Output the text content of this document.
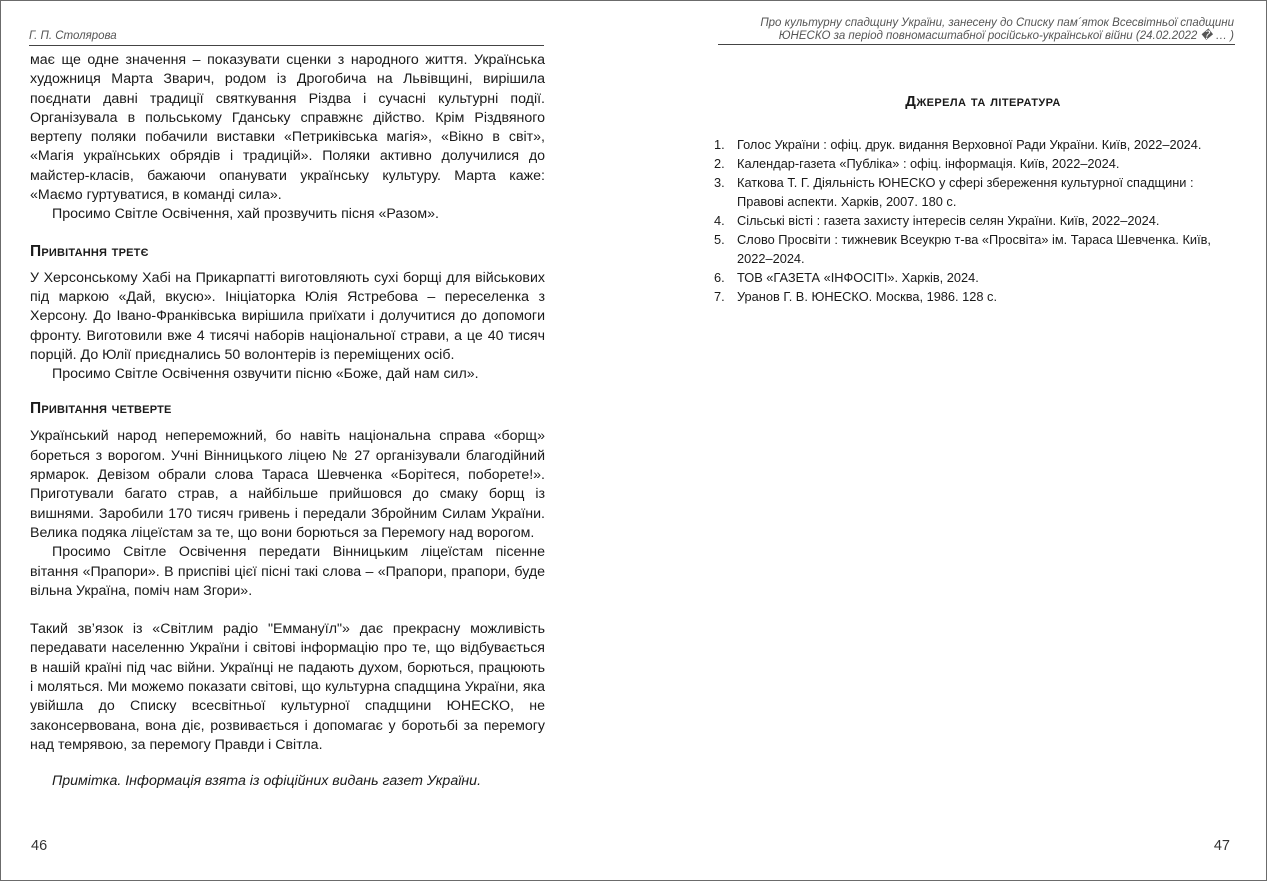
Г. П. Столярова

має ще одне значення – показувати сценки з народного життя. Українська художниця Марта Зварич, родом із Дрогобича на Львівщині, вирішила поєднати давні традиції святкування Різдва і сучасні культурні події. Організувала в польському Гданську справжнє дійство. Крім Різдвяного вертепу поляки побачили виставки «Петриківська магія», «Вікно в світ», «Магія українських обрядів і традицій». Поляки активно долучилися до майстер-класів, бажаючи опанувати українську культуру. Марта каже: «Маємо гуртуватися, в команді сила».

Просимо Світле Освічення, хай прозвучить пісня «Разом».

Привітання третє

У Херсонському Хабі на Прикарпатті виготовляють сухі борщі для військових під маркою «Дай, вкусю». Ініціаторка Юлія Ястребова – переселенка з Херсону. До Івано-Франківська вирішила приїхати і долучитися до допомоги фронту. Виготовили вже 4 тисячі наборів національної страви, а це 40 тисяч порцій. До Юлії приєднались 50 волонтерів із переміщених осіб.

Просимо Світле Освічення озвучити пісню «Боже, дай нам сил».

Привітання четверте

Український народ непереможний, бо навіть національна справа «борщ» бореться з ворогом. Учні Вінницького ліцею № 27 організували благодійний ярмарок. Девізом обрали слова Тараса Шевченка «Борітеся, поборете!». Приготували багато страв, а найбільше прийшовся до смаку борщ із вишнями. Заробили 170 тисяч гривень і передали Збройним Силам України. Велика подяка ліцеїстам за те, що вони борються за Перемогу над ворогом.

Просимо Світле Освічення передати Вінницьким ліцеїстам пісенне вітання «Прапори». В приспіві цієї пісні такі слова – «Прапори, прапори, буде вільна Україна, поміч нам Згори».

Такий зв’язок із «Світлим радіо "Еммануїл"» дає прекрасну можливість передавати населенню України і світові інформацію про те, що відбувається в нашій країні під час війни. Українці не падають духом, борються, працюють і моляться. Ми можемо показати світові, що культурна спадщина України, яка увійшла до Списку всесвітньої культурної спадщини ЮНЕСКО, не законсервована, вона діє, розвивається і допомагає у боротьбі за перемогу над темрявою, за перемогу Правди і Світла.

Примітка. Інформація взята із офіційних видань газет України.

46
Про культурну спадщину України, занесену до Списку пам´яток Всесвітньої спадщини
ЮНЕСКО за період повномасштабної російсько-української війни (24.02.2022 � … )
Джерела та література
1. Голос України : офіц. друк. видання Верховної Ради України. Київ, 2022–2024.
2. Календар-газета «Публіка» : офіц. інформація. Київ, 2022–2024.
3. Каткова Т. Г. Діяльність ЮНЕСКО у сфері збереження культурної спадщини : Правові аспекти. Харків, 2007. 180 с.
4. Сільські вісті : газета захисту інтересів селян України. Київ, 2022–2024.
5. Слово Просвіти : тижневик Всеукрю т-ва «Просвіта» ім. Тараса Шевченка. Київ, 2022–2024.
6. ТОВ «ГАЗЕТА «ІНФОСІТІ». Харків, 2024.
7. Уранов Г. В. ЮНЕСКО. Москва, 1986. 128 с.
47
